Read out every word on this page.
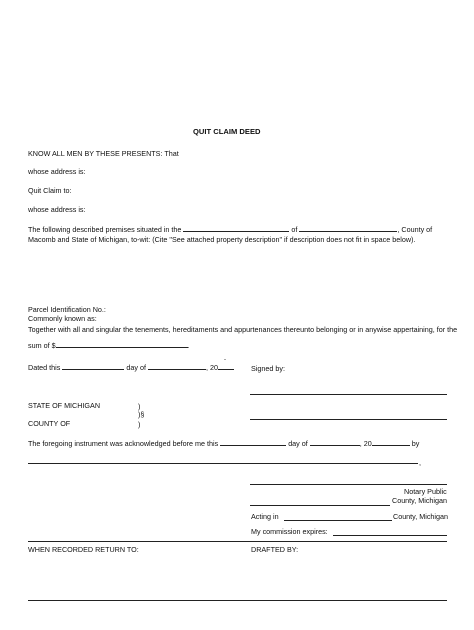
QUIT CLAIM DEED
KNOW ALL MEN BY THESE PRESENTS: That
whose address is:
Quit Claim to:
whose address is:
The following described premises situated in the	of	, County of
Macomb and State of Michigan, to-wit: (Cite "See attached property description" if description does not fit in space below).
Parcel Identification No.:
Commonly known as:
Together with all and singular the tenements, hereditaments and appurtenances thereunto belonging or in anywise appertaining, for the
sum of $	.
Dated this	day of	, 20
-
Signed by:
STATE OF MICHIGAN	)
)§
COUNTY OF	)
The foregoing instrument was acknowledged before me this	day of	, 20	by
,
Notary Public
County, Michigan
Acting in	County, Michigan
My commission expires:
WHEN RECORDED RETURN TO:	DRAFTED BY:
